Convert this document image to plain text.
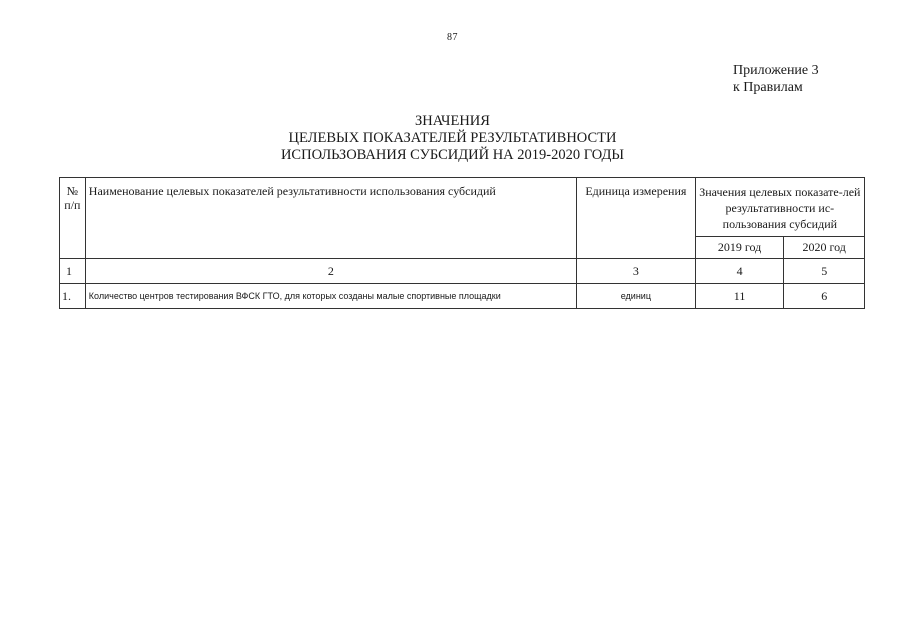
87
Приложение 3
к Правилам
ЗНАЧЕНИЯ
ЦЕЛЕВЫХ ПОКАЗАТЕЛЕЙ РЕЗУЛЬТАТИВНОСТИ
ИСПОЛЬЗОВАНИЯ СУБСИДИЙ НА 2019-2020 ГОДЫ
№ п/п	Наименование целевых показателей результативности использования субсидий	Единица измерения	Значения целевых показате-лей результативности ис-пользования субсидий	
			2019 год	2020 год
1	2	3	4	5
1.	Количество центров тестирования ВФСК ГТО, для которых созданы малые спортивные площадки	единиц	11	6
